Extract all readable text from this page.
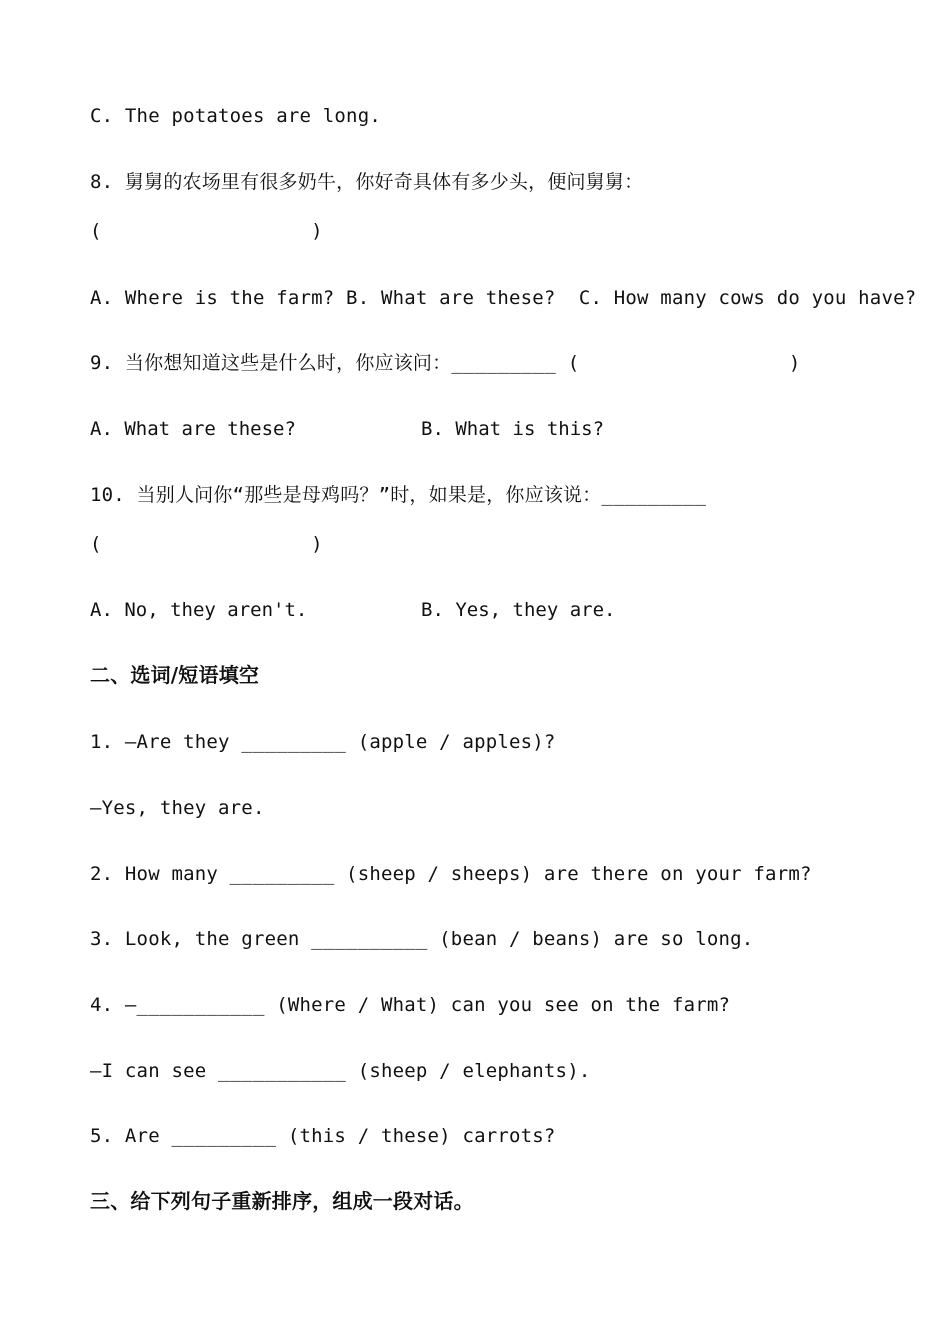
C. The potatoes are long.
8. 舅舅的农场里有很多奶牛，你好奇具体有多少头，便问舅舅：
(                  )
A. Where is the farm? B. What are these?  C. How many cows do you have?
9. 当你想知道这些是什么时，你应该问：_________ (                  )
A. What are these?	B. What is this?
10. 当别人问你“那些是母鸡吗？”时，如果是，你应该说：_________
(                  )
A. No, they aren't.	B. Yes, they are.
二、选词/短语填空
1. —Are they _________ (apple / apples)?
—Yes, they are.
2. How many _________ (sheep / sheeps) are there on your farm?
3. Look, the green __________ (bean / beans) are so long.
4. —___________ (Where / What) can you see on the farm?
—I can see ___________ (sheep / elephants).
5. Are _________ (this / these) carrots?
三、给下列句子重新排序，组成一段对话。
